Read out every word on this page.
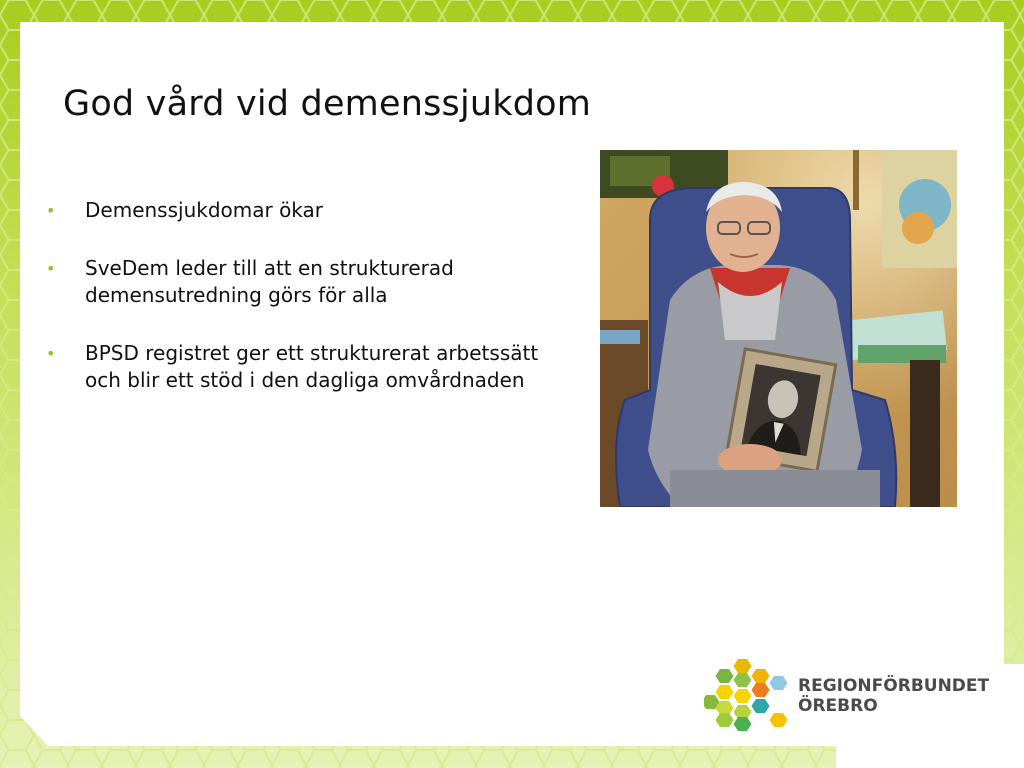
God vård vid demenssjukdom
• Demenssjukdomar ökar
• SveDem leder till att en strukturerad demensutredning görs för alla
• BPSD registret ger ett strukturerat arbetssätt och blir ett stöd i den dagliga omvårdnaden
REGIONFÖRBUNDET
ÖREBRO
